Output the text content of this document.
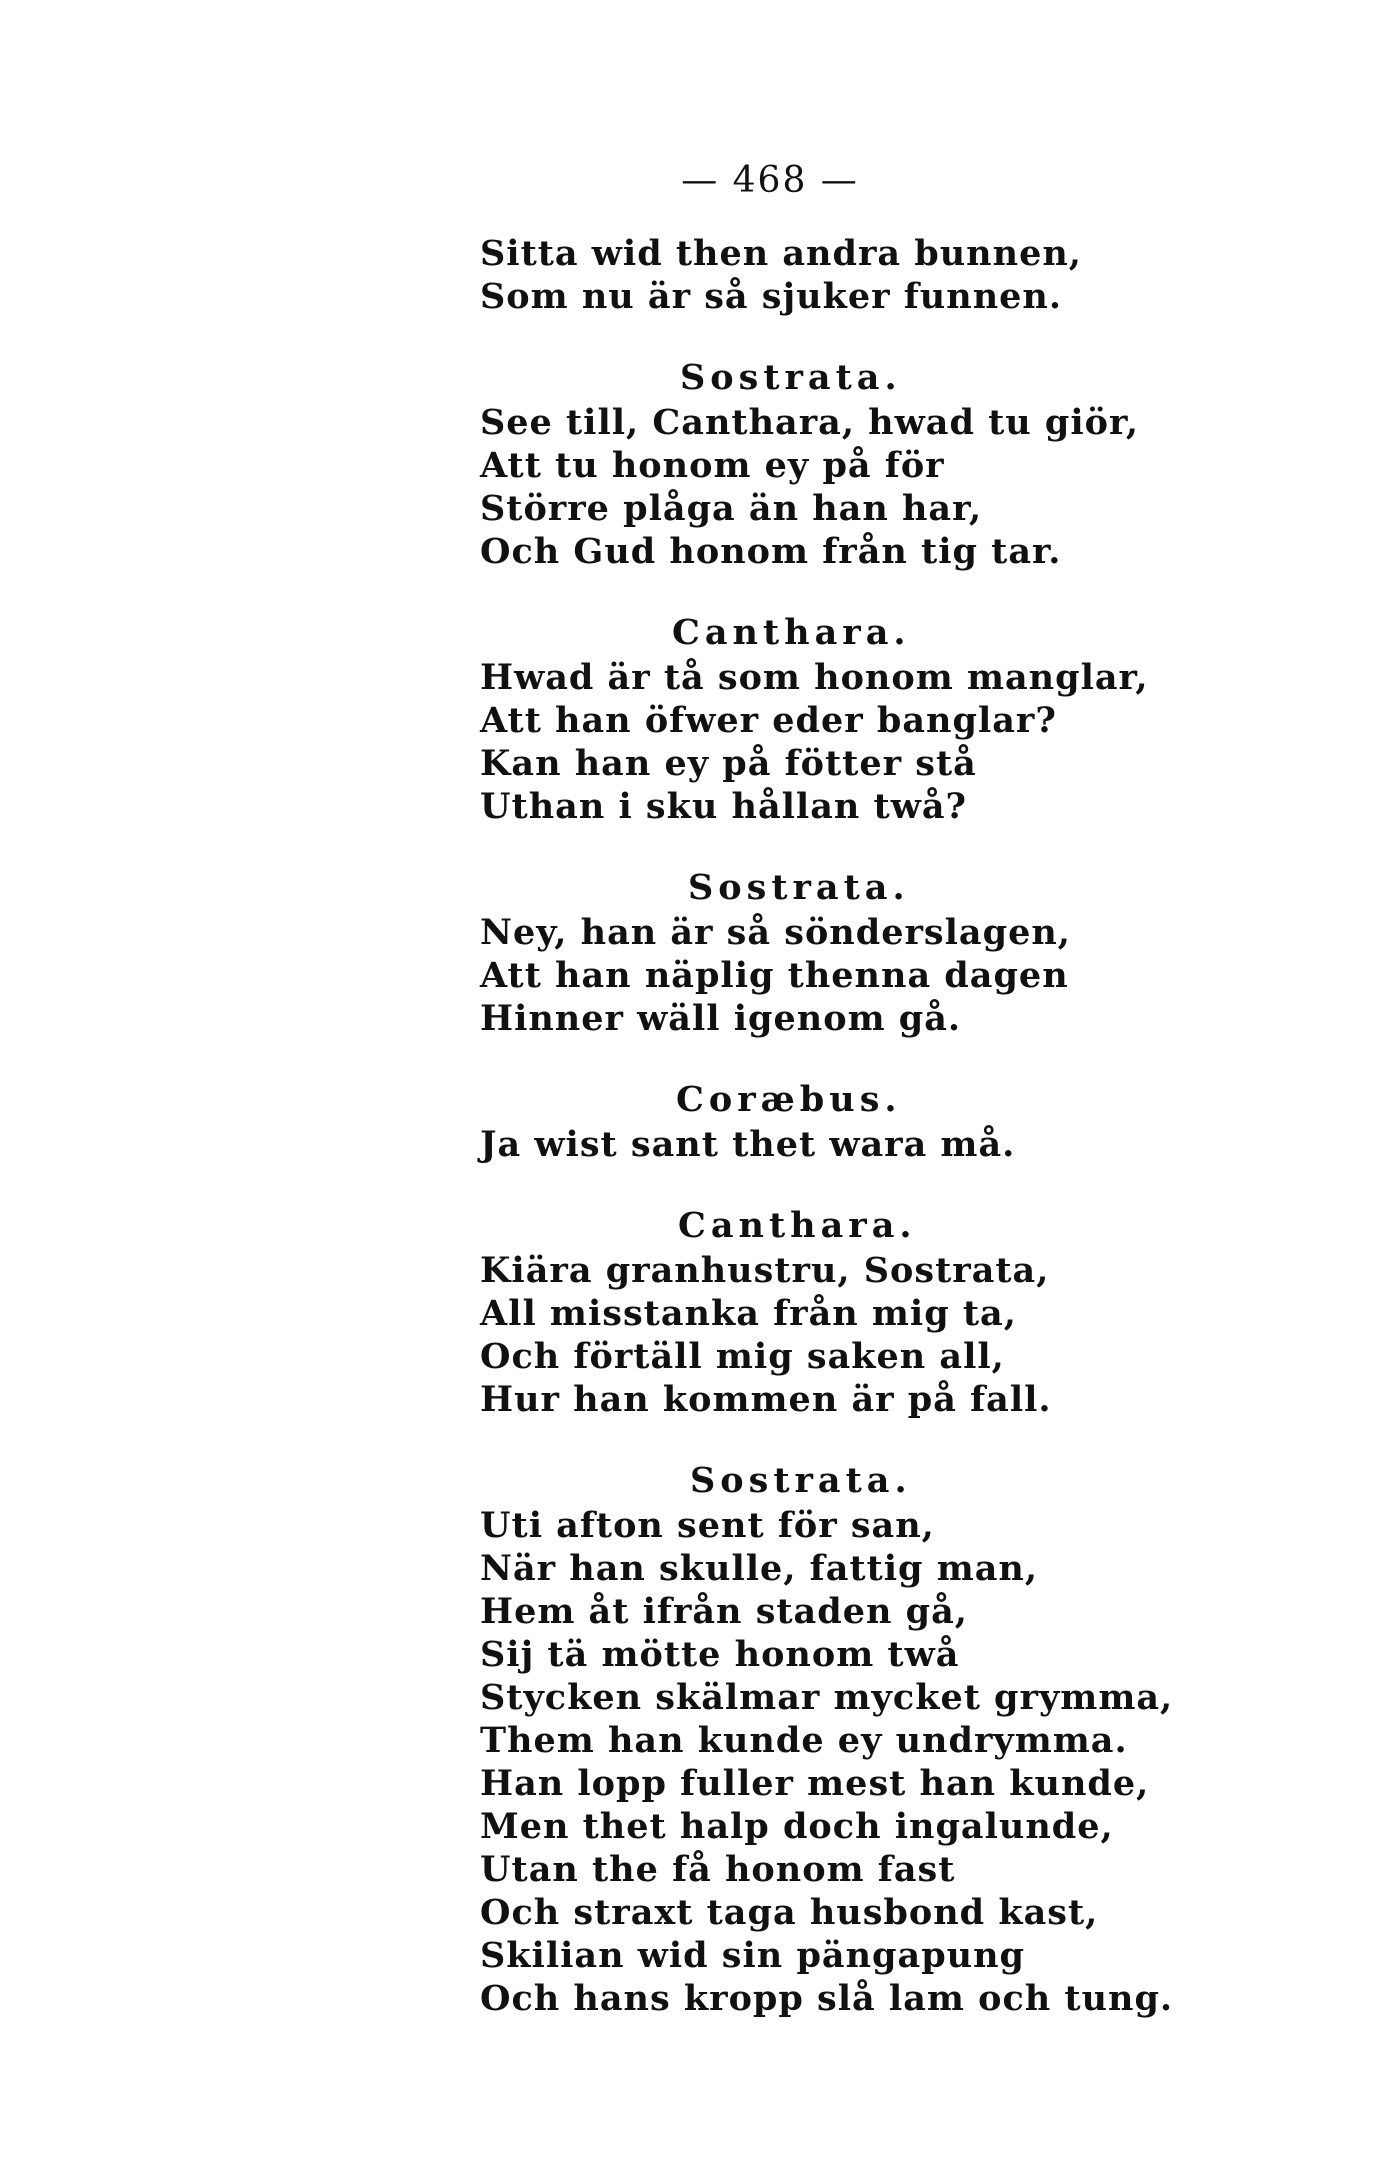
— 468 —
Sitta wid then andra bunnen,
Som nu är så sjuker funnen.
Sostrata.
See till, Canthara, hwad tu giör,
Att tu honom ey på för
Större plåga än han har,
Och Gud honom från tig tar.
Canthara.
Hwad är tå som honom manglar,
Att han öfwer eder banglar?
Kan han ey på fötter stå
Uthan i sku hållan twå?
Sostrata.
Ney, han är så sönderslagen,
Att han näplig thenna dagen
Hinner wäll igenom gå.
Coræbus.
Ja wist sant thet wara må.
Canthara.
Kiära granhustru, Sostrata,
All misstanka från mig ta,
Och förtäll mig saken all,
Hur han kommen är på fall.
Sostrata.
Uti afton sent för san,
När han skulle, fattig man,
Hem åt ifrån staden gå,
Sij tä mötte honom twå
Stycken skälmar mycket grymma,
Them han kunde ey undrymma.
Han lopp fuller mest han kunde,
Men thet halp doch ingalunde,
Utan the få honom fast
Och straxt taga husbond kast,
Skilian wid sin pängapung
Och hans kropp slå lam och tung.
